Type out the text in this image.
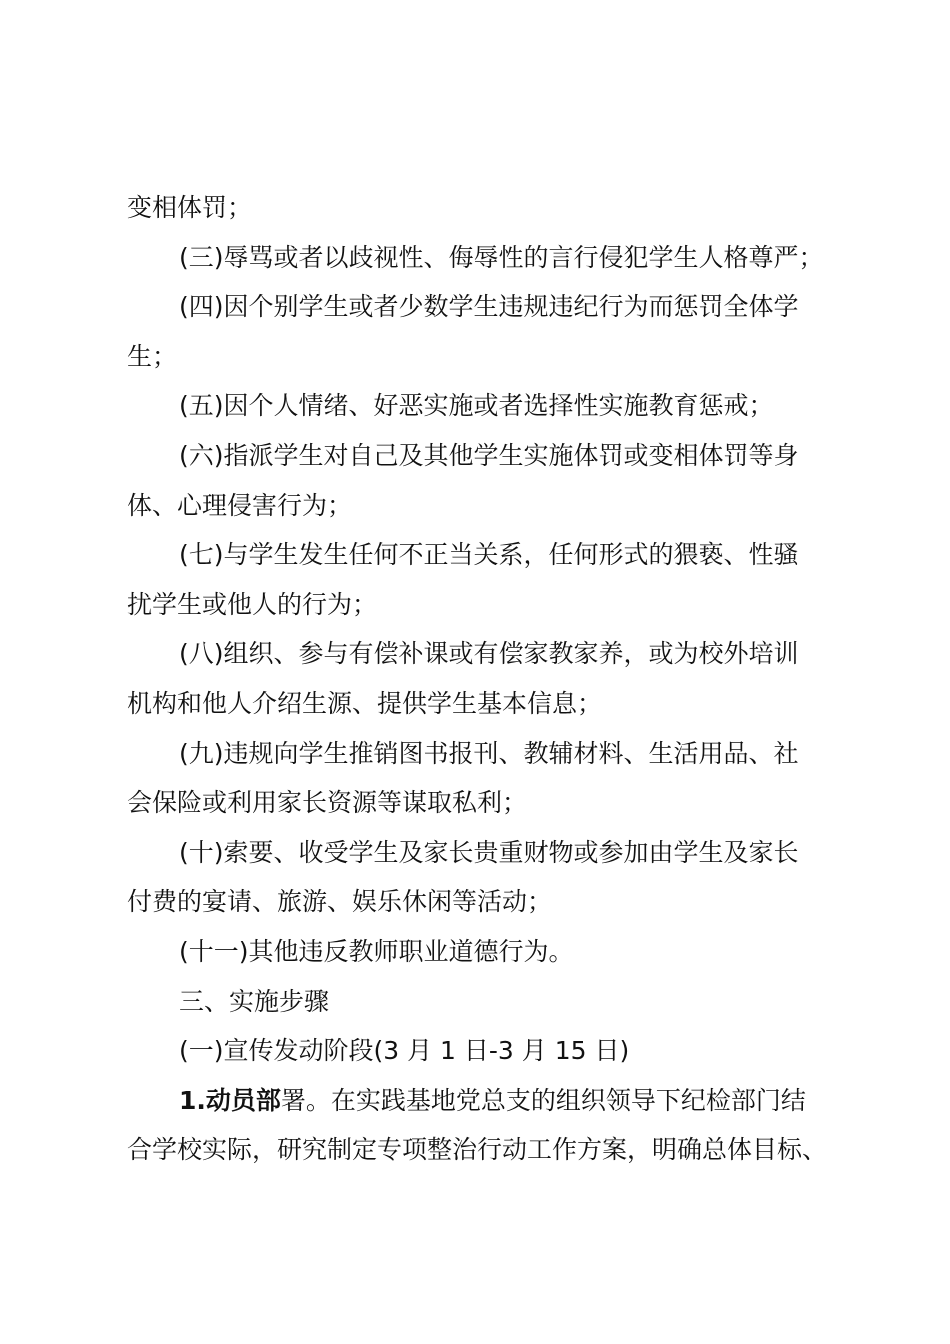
变相体罚；
(三)辱骂或者以歧视性、侮辱性的言行侵犯学生人格尊严；
(四)因个别学生或者少数学生违规违纪行为而惩罚全体学
生；
(五)因个人情绪、好恶实施或者选择性实施教育惩戒；
(六)指派学生对自己及其他学生实施体罚或变相体罚等身
体、心理侵害行为；
(七)与学生发生任何不正当关系，任何形式的猥亵、性骚
扰学生或他人的行为；
(八)组织、参与有偿补课或有偿家教家养，或为校外培训
机构和他人介绍生源、提供学生基本信息；
(九)违规向学生推销图书报刊、教辅材料、生活用品、社
会保险或利用家长资源等谋取私利；
(十)索要、收受学生及家长贵重财物或参加由学生及家长
付费的宴请、旅游、娱乐休闲等活动；
(十一)其他违反教师职业道德行为。
三、实施步骤
(一)宣传发动阶段(3 月 1 日-3 月 15 日)
1.动员部署。在实践基地党总支的组织领导下纪检部门结
合学校实际，研究制定专项整治行动工作方案，明确总体目标、
